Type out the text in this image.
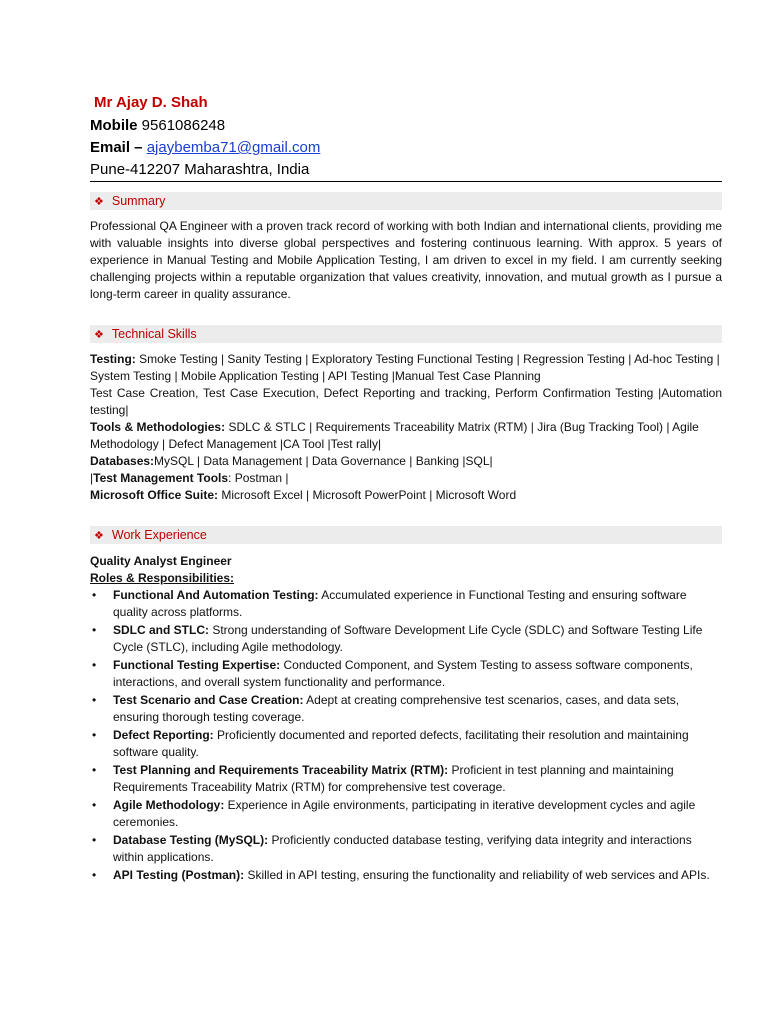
Mr Ajay D. Shah
Mobile 9561086248
Email – ajaybemba71@gmail.com
Pune-412207 Maharashtra, India
❖ Summary
Professional QA Engineer with a proven track record of working with both Indian and international clients, providing me with valuable insights into diverse global perspectives and fostering continuous learning. With approx. 5 years of experience in Manual Testing and Mobile Application Testing, I am driven to excel in my field. I am currently seeking challenging projects within a reputable organization that values creativity, innovation, and mutual growth as I pursue a long-term career in quality assurance.
❖ Technical Skills

Testing: Smoke Testing | Sanity Testing | Exploratory Testing Functional Testing | Regression Testing | Ad-hoc Testing | System Testing | Mobile Application Testing | API Testing |Manual Test Case Planning

Test Case Creation, Test Case Execution, Defect Reporting and tracking, Perform Confirmation Testing |Automation testing|

Tools & Methodologies: SDLC & STLC | Requirements Traceability Matrix (RTM) | Jira (Bug Tracking Tool) | Agile Methodology | Defect Management |CA Tool |Test rally|

Databases:MySQL | Data Management | Data Governance | Banking |SQL|

|Test Management Tools: Postman |

Microsoft Office Suite: Microsoft Excel | Microsoft PowerPoint | Microsoft Word

❖ Work Experience
Quality Analyst Engineer
Roles & Responsibilities:
• Functional And Automation Testing: Accumulated experience in Functional Testing and ensuring software quality across platforms.
• SDLC and STLC: Strong understanding of Software Development Life Cycle (SDLC) and Software Testing Life Cycle (STLC), including Agile methodology.
• Functional Testing Expertise: Conducted Component, and System Testing to assess software components, interactions, and overall system functionality and performance.
• Test Scenario and Case Creation: Adept at creating comprehensive test scenarios, cases, and data sets, ensuring thorough testing coverage.
• Defect Reporting: Proficiently documented and reported defects, facilitating their resolution and maintaining software quality.
• Test Planning and Requirements Traceability Matrix (RTM): Proficient in test planning and maintaining Requirements Traceability Matrix (RTM) for comprehensive test coverage.
• Agile Methodology: Experience in Agile environments, participating in iterative development cycles and agile ceremonies.
• Database Testing (MySQL): Proficiently conducted database testing, verifying data integrity and interactions within applications.
• API Testing (Postman): Skilled in API testing, ensuring the functionality and reliability of web services and APIs.
